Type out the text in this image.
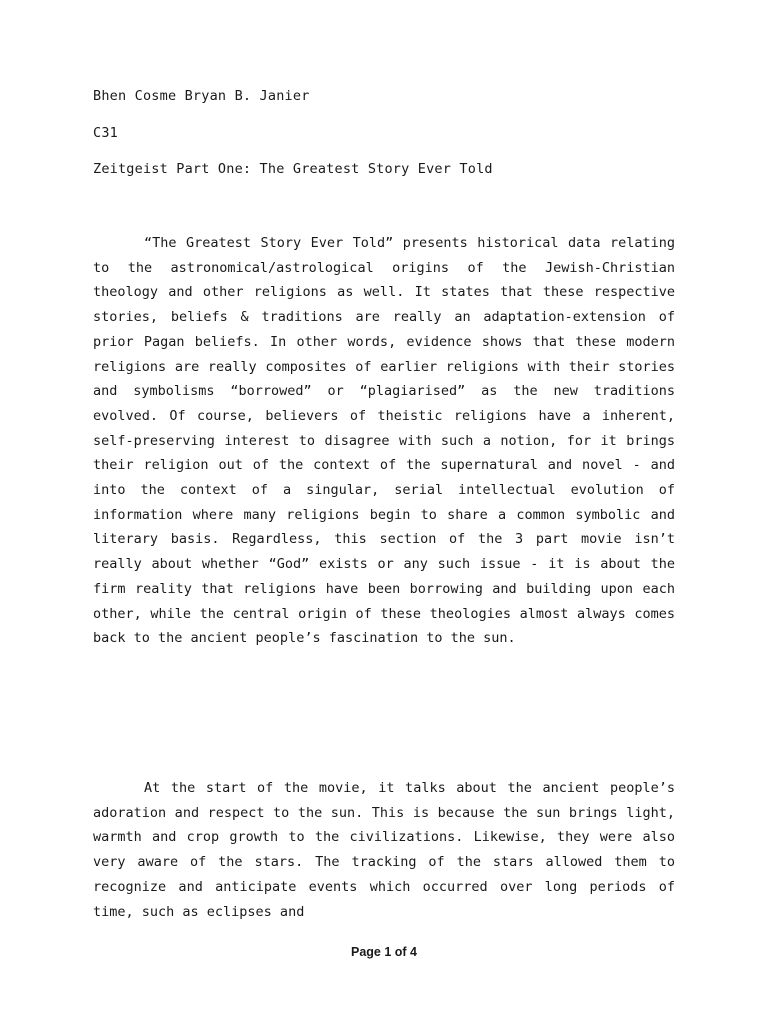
Bhen Cosme Bryan B. Janier
C31
Zeitgeist Part One: The Greatest Story Ever Told

“The Greatest Story Ever Told” presents historical data relating to the astronomical/astrological origins of the Jewish-Christian theology and other religions as well. It states that these respective stories, beliefs & traditions are really an adaptation-extension of prior Pagan beliefs. In other words, evidence shows that these modern religions are really composites of earlier religions with their stories and symbolisms “borrowed” or “plagiarised” as the new traditions evolved. Of course, believers of theistic religions have a inherent, self-preserving interest to disagree with such a notion, for it brings their religion out of the context of the supernatural and novel - and into the context of a singular, serial intellectual evolution of information where many religions begin to share a common symbolic and literary basis. Regardless, this section of the 3 part movie isn’t really about whether “God” exists or any such issue - it is about the firm reality that religions have been borrowing and building upon each other, while the central origin of these theologies almost always comes back to the ancient people’s fascination to the sun.

At the start of the movie, it talks about the ancient people’s adoration and respect to the sun. This is because the sun brings light, warmth and crop growth to the civilizations. Likewise, they were also very aware of the stars. The tracking of the stars allowed them to recognize and anticipate events which occurred over long periods of time, such as eclipses and

Page 1 of 4
